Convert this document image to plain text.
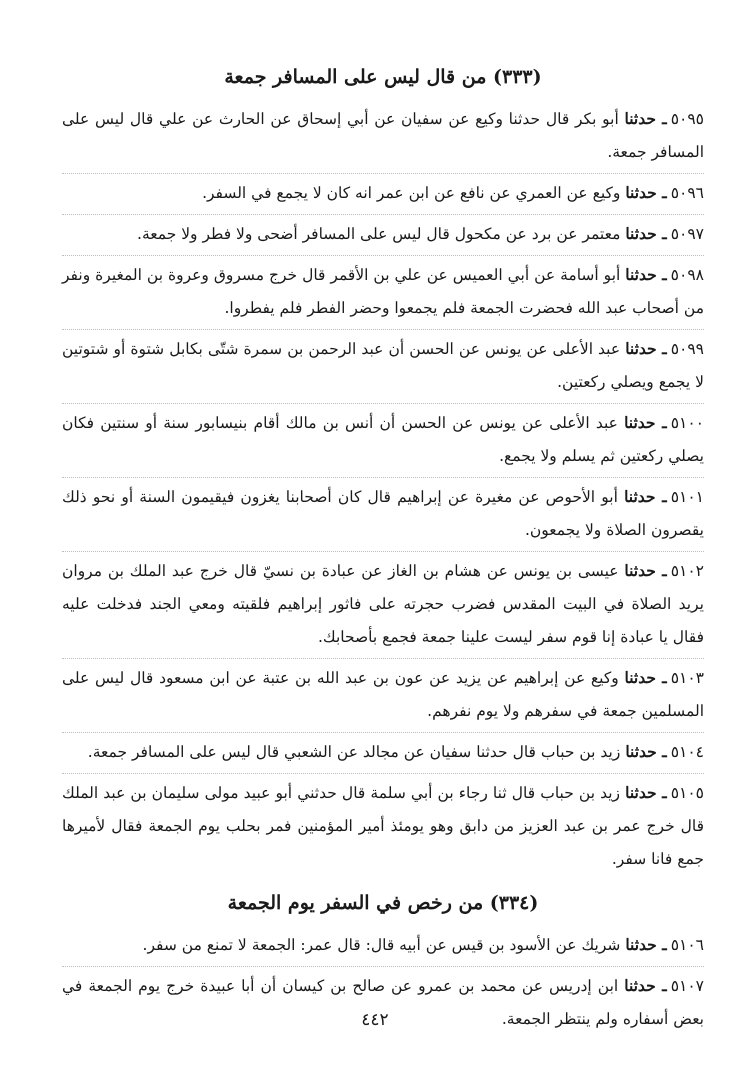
(٣٣٣) من قال ليس على المسافر جمعة

٥٠٩٥ـ حدثنا أبو بكر قال حدثنا وكيع عن سفيان عن أبي إسحاق عن الحارث عن علي قال ليس على المسافر جمعة.

٥٠٩٦ـ حدثنا وكيع عن العمري عن نافع عن ابن عمر انه كان لا يجمع في السفر.

٥٠٩٧ـ حدثنا معتمر عن برد عن مكحول قال ليس على المسافر أضحى ولا فطر ولا جمعة.

٥٠٩٨ـ حدثنا أبو أسامة عن أبي العميس عن علي بن الأقمر قال خرج مسروق وعروة بن المغيرة ونفر من أصحاب عبد الله فحضرت الجمعة فلم يجمعوا وحضر الفطر فلم يفطروا.

٥٠٩٩ـ حدثنا عبد الأعلى عن يونس عن الحسن أن عبد الرحمن بن سمرة شتّى بكابل شتوة أو شتوتين لا يجمع ويصلي ركعتين.

٥١٠٠ـ حدثنا عبد الأعلى عن يونس عن الحسن أن أنس بن مالك أقام بنيسابور سنة أو سنتين فكان يصلي ركعتين ثم يسلم ولا يجمع.

٥١٠١ـ حدثنا أبو الأحوص عن مغيرة عن إبراهيم قال كان أصحابنا يغزون فيقيمون السنة أو نحو ذلك يقصرون الصلاة ولا يجمعون.

٥١٠٢ـ حدثنا عيسى بن يونس عن هشام بن الغاز عن عبادة بن نسيّ قال خرج عبد الملك بن مروان يريد الصلاة في البيت المقدس فضرب حجرته على فاثور إبراهيم فلقيته ومعي الجند فدخلت عليه فقال يا عبادة إنا قوم سفر ليست علينا جمعة فجمع بأصحابك.

٥١٠٣ـ حدثنا وكيع عن إبراهيم عن يزيد عن عون بن عبد الله بن عتبة عن ابن مسعود قال ليس على المسلمين جمعة في سفرهم ولا يوم نفرهم.

٥١٠٤ـ حدثنا زيد بن حباب قال حدثنا سفيان عن مجالد عن الشعبي قال ليس على المسافر جمعة.

٥١٠٥ـ حدثنا زيد بن حباب قال ثنا رجاء بن أبي سلمة قال حدثني أبو عبيد مولى سليمان بن عبد الملك قال خرج عمر بن عبد العزيز من دابق وهو يومئذ أمير المؤمنين فمر بحلب يوم الجمعة فقال لأميرها جمع فانا سفر.

(٣٣٤) من رخص في السفر يوم الجمعة

٥١٠٦ـ حدثنا شريك عن الأسود بن قيس عن أبيه قال: قال عمر: الجمعة لا تمنع من سفر.

٥١٠٧ـ حدثنا ابن إدريس عن محمد بن عمرو عن صالح بن كيسان أن أبا عبيدة خرج يوم الجمعة في بعض أسفاره ولم ينتظر الجمعة.

٤٤٢
